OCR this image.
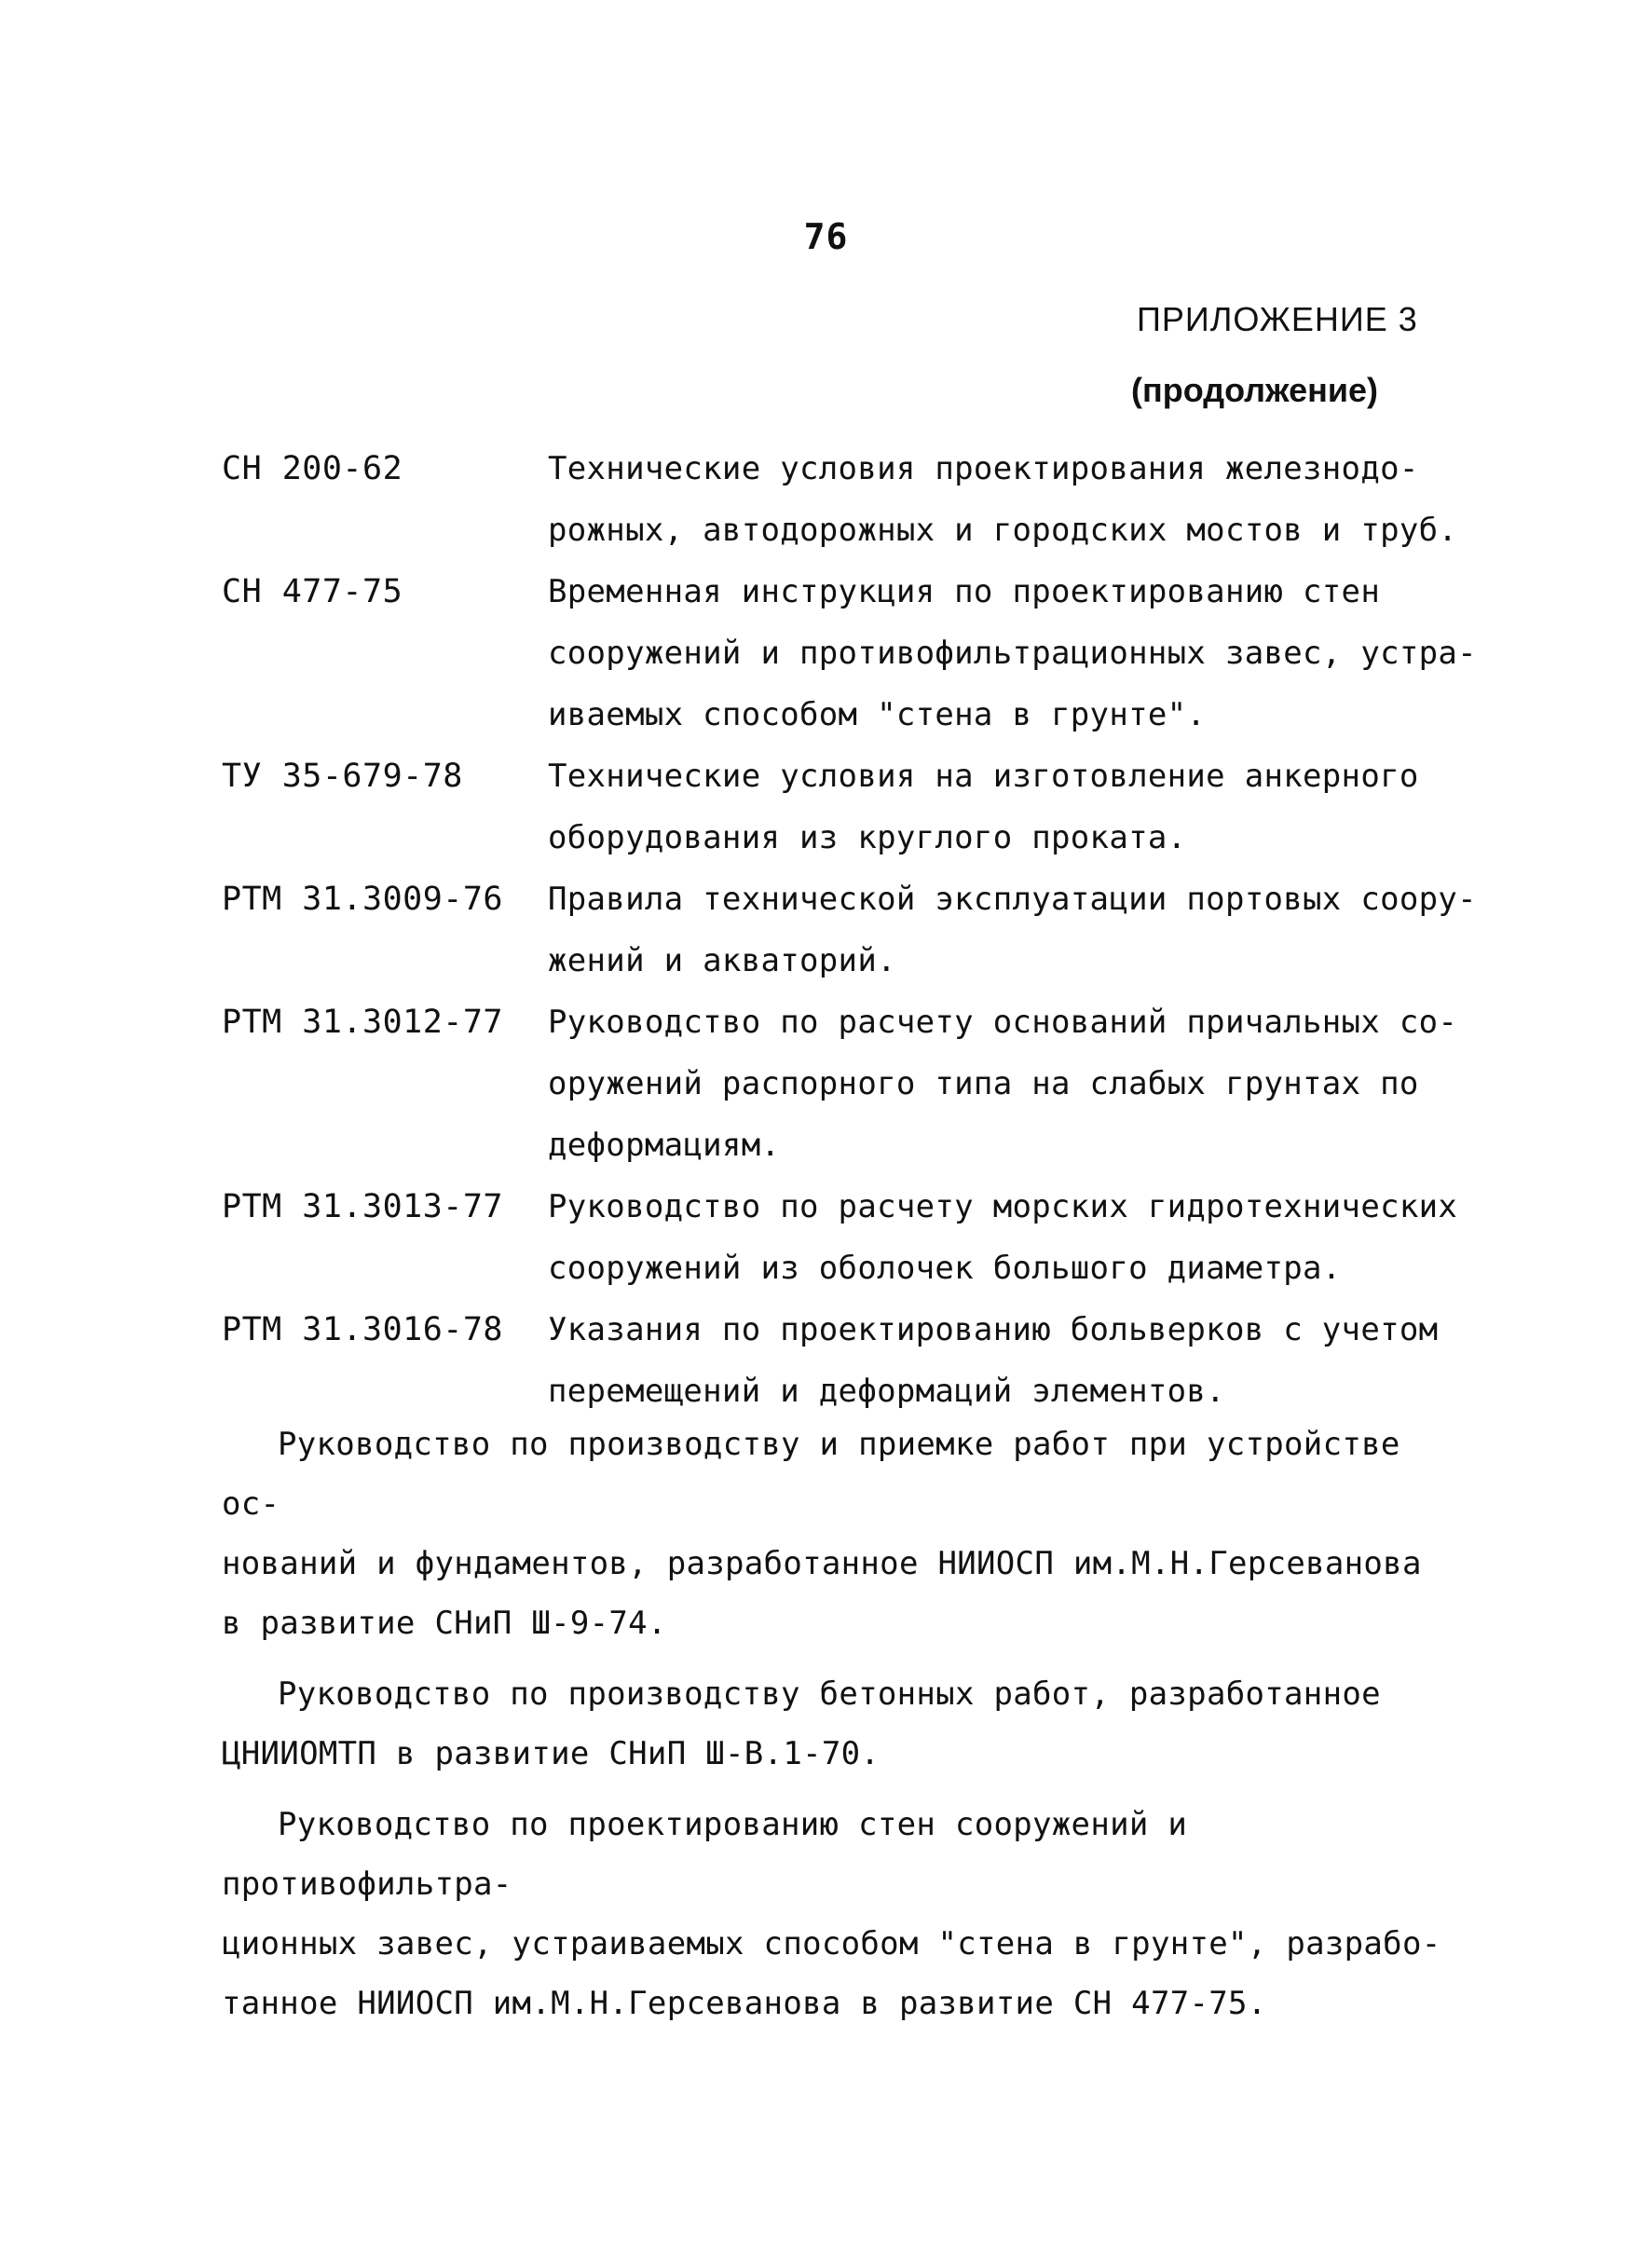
76
ПРИЛОЖЕНИЕ 3
(продолжение)
СН 200-62	Технические условия проектирования железнодо-
рожных, автодорожных и городских мостов и труб.
СН 477-75	Временная инструкция по проектированию стен
сооружений и противофильтрационных завес, устра-
иваемых способом "стена в грунте".
ТУ 35-679-78	Технические условия на изготовление анкерного
оборудования из круглого проката.
РТМ 31.3009-76	Правила технической эксплуатации портовых соору-
жений и акваторий.
РТМ 31.3012-77	Руководство по расчету оснований причальных со-
оружений распорного типа на слабых грунтах по
деформациям.
РТМ 31.3013-77	Руководство по расчету морских гидротехнических
сооружений из оболочек большого диаметра.
РТМ 31.3016-78	Указания по проектированию больверков с учетом
перемещений и деформаций элементов.

Руководство по производству и приемке работ при устройстве ос-
нований и фундаментов, разработанное НИИОСП им.М.Н.Герсеванова
в развитие СНиП Ш-9-74.

Руководство по производству бетонных работ, разработанное
ЦНИИОМТП в развитие СНиП Ш-В.1-70.

Руководство по проектированию стен сооружений и противофильтра-
ционных завес, устраиваемых способом "стена в грунте", разрабо-
танное НИИОСП им.М.Н.Герсеванова в развитие СН 477-75.
